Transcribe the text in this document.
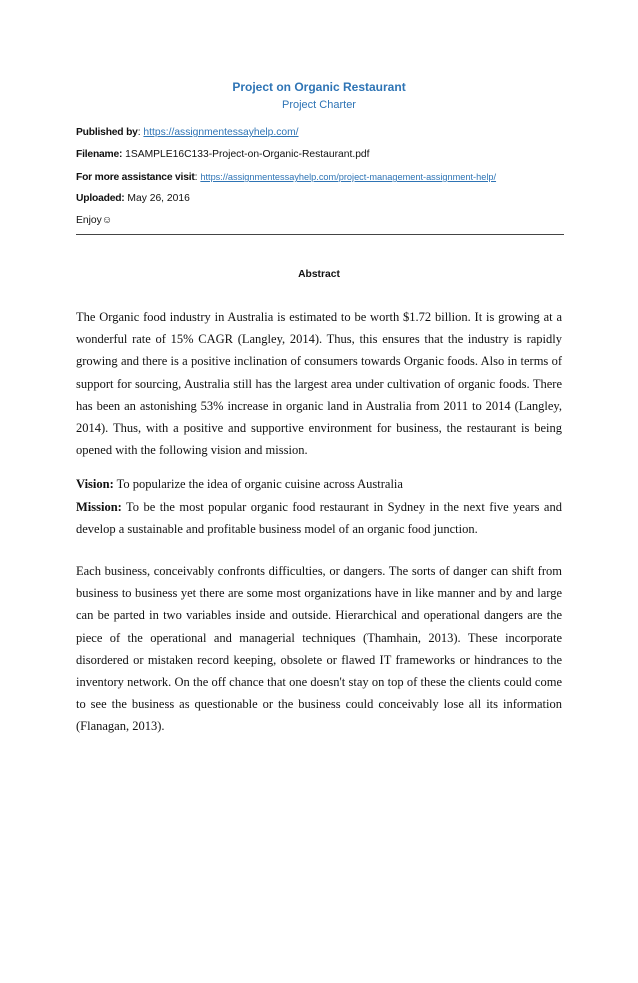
Project on Organic Restaurant
Project Charter
Published by: https://assignmentessayhelp.com/
Filename: 1SAMPLE16C133-Project-on-Organic-Restaurant.pdf
For more assistance visit: https://assignmentessayhelp.com/project-management-assignment-help/
Uploaded: May 26, 2016
Enjoy☺
Abstract

The Organic food industry in Australia is estimated to be worth $1.72 billion. It is growing at a wonderful rate of 15% CAGR (Langley, 2014). Thus, this ensures that the industry is rapidly growing and there is a positive inclination of consumers towards Organic foods. Also in terms of support for sourcing, Australia still has the largest area under cultivation of organic foods. There has been an astonishing 53% increase in organic land in Australia from 2011 to 2014 (Langley, 2014). Thus, with a positive and supportive environment for business, the restaurant is being opened with the following vision and mission.

Vision: To popularize the idea of organic cuisine across Australia

Mission: To be the most popular organic food restaurant in Sydney in the next five years and develop a sustainable and profitable business model of an organic food junction.

Each business, conceivably confronts difficulties, or dangers. The sorts of danger can shift from business to business yet there are some most organizations have in like manner and by and large can be parted in two variables inside and outside. Hierarchical and operational dangers are the piece of the operational and managerial techniques (Thamhain, 2013). These incorporate disordered or mistaken record keeping, obsolete or flawed IT frameworks or hindrances to the inventory network. On the off chance that one doesn't stay on top of these the clients could come to see the business as questionable or the business could conceivably lose all its information (Flanagan, 2013).
